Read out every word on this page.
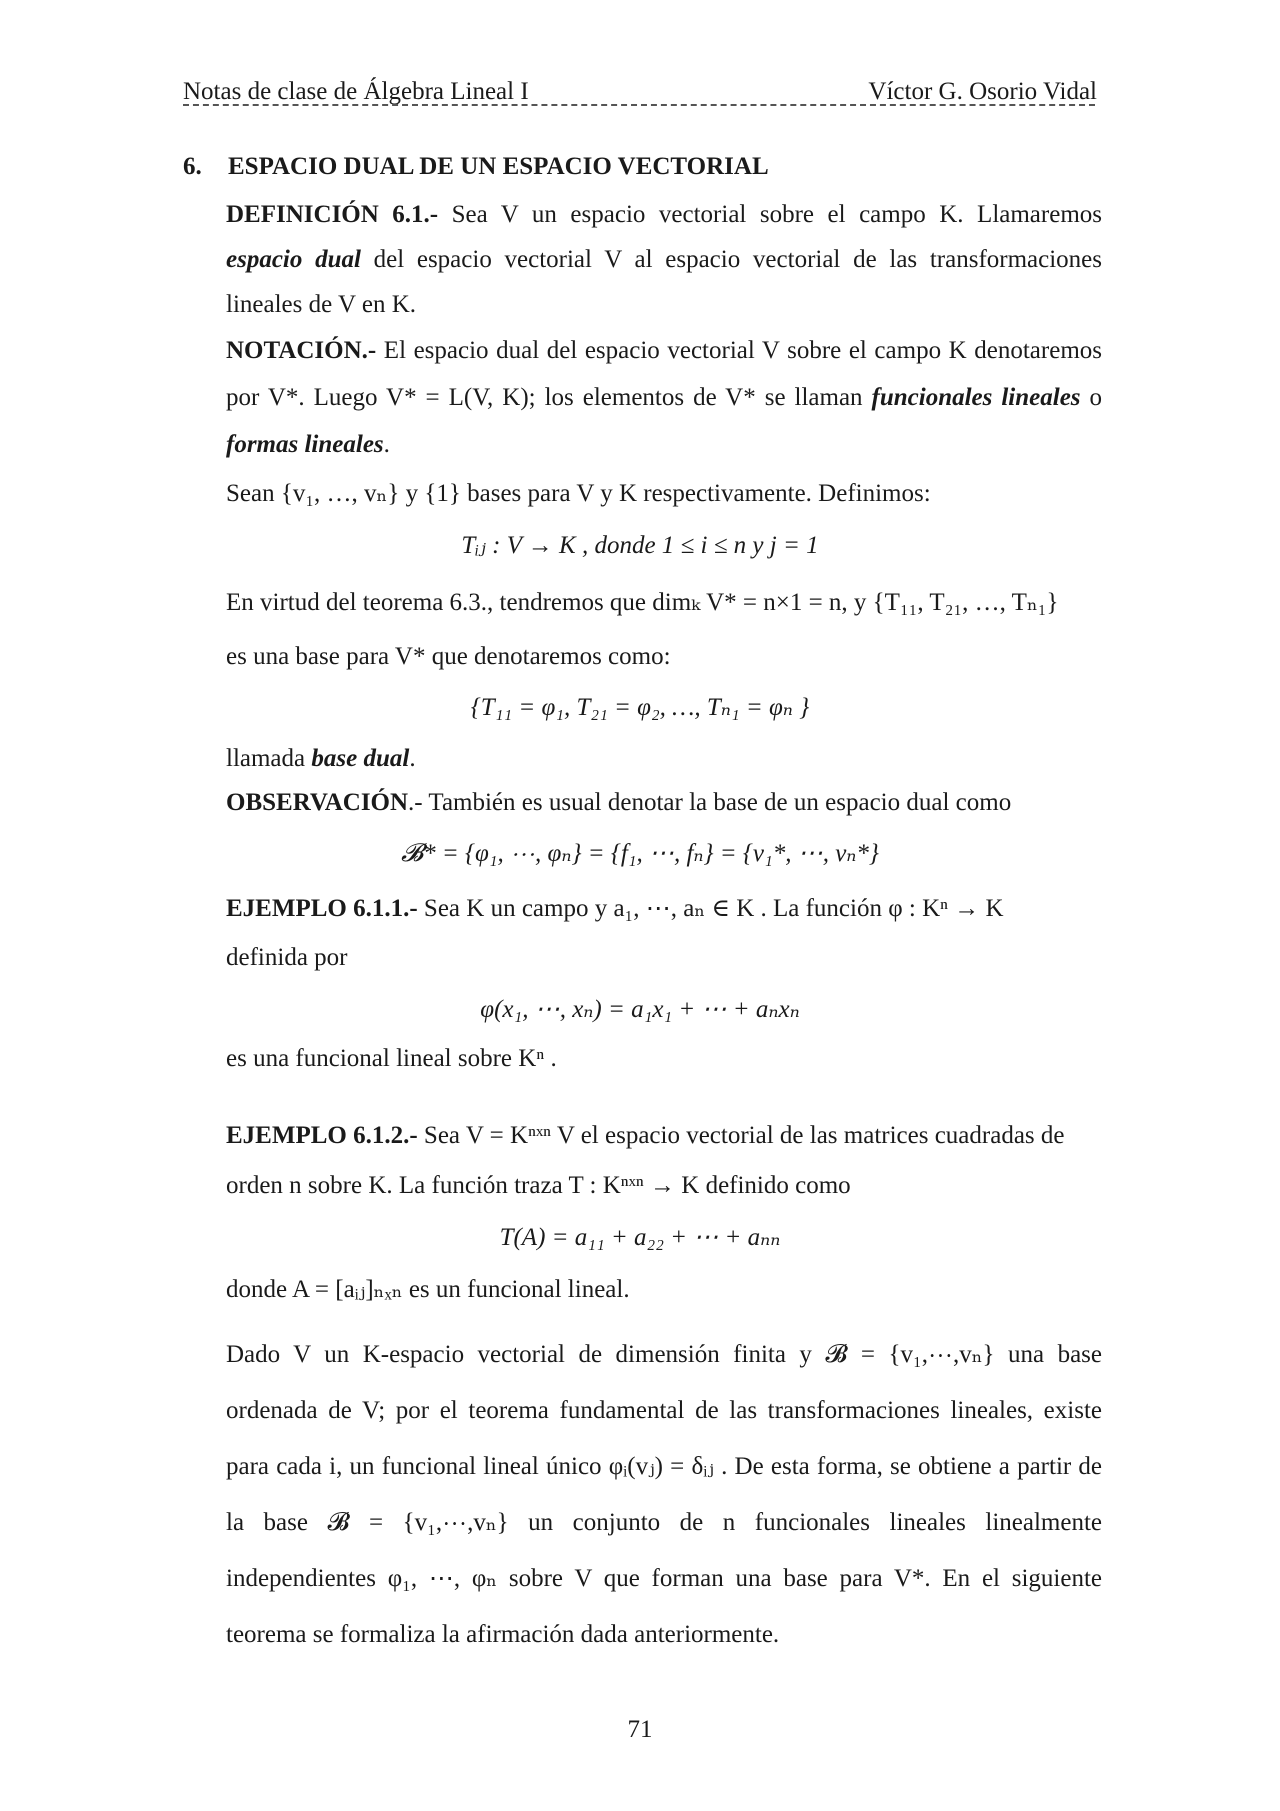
Notas de clase de Álgebra Lineal I	Víctor G. Osorio Vidal
6. ESPACIO DUAL DE UN ESPACIO VECTORIAL
DEFINICIÓN 6.1.- Sea V un espacio vectorial sobre el campo K. Llamaremos espacio dual del espacio vectorial V al espacio vectorial de las transformaciones lineales de V en K.
NOTACIÓN.- El espacio dual del espacio vectorial V sobre el campo K denotaremos por V*. Luego V* = L(V, K); los elementos de V* se llaman funcionales lineales o formas lineales.
Sean {v₁, …, vₙ} y {1} bases para V y K respectivamente. Definimos:
Tᵢⱼ : V → K , donde 1 ≤ i ≤ n y j = 1
En virtud del teorema 6.3., tendremos que dimₖ V* = n×1 = n, y {T₁₁, T₂₁, …, Tₙ₁}
es una base para V* que denotaremos como:
{T₁₁ = φ₁, T₂₁ = φ₂, …, Tₙ₁ = φₙ }
llamada base dual.
OBSERVACIÓN.- También es usual denotar la base de un espacio dual como
𝓑* = {φ₁, ⋯, φₙ} = {f₁, ⋯, fₙ} = {v₁*, ⋯, vₙ*}
EJEMPLO 6.1.1.- Sea K un campo y a₁, ⋯, aₙ ∈ K . La función φ : Kⁿ → K
definida por
φ(x₁, ⋯, xₙ) = a₁x₁ + ⋯ + aₙxₙ
es una funcional lineal sobre Kⁿ .
EJEMPLO 6.1.2.- Sea V = Kⁿˣⁿ V el espacio vectorial de las matrices cuadradas de
orden n sobre K. La función traza T : Kⁿˣⁿ → K definido como
T(A) = a₁₁ + a₂₂ + ⋯ + aₙₙ
donde A = [aᵢⱼ]ₙₓₙ es un funcional lineal.
Dado V un K-espacio vectorial de dimensión finita y 𝓑 = {v₁,⋯,vₙ} una base ordenada de V; por el teorema fundamental de las transformaciones lineales, existe para cada i, un funcional lineal único φᵢ(vⱼ) = δᵢⱼ . De esta forma, se obtiene a partir de la base 𝓑 = {v₁,⋯,vₙ} un conjunto de n funcionales lineales linealmente independientes φ₁, ⋯, φₙ sobre V que forman una base para V*. En el siguiente teorema se formaliza la afirmación dada anteriormente.
71
